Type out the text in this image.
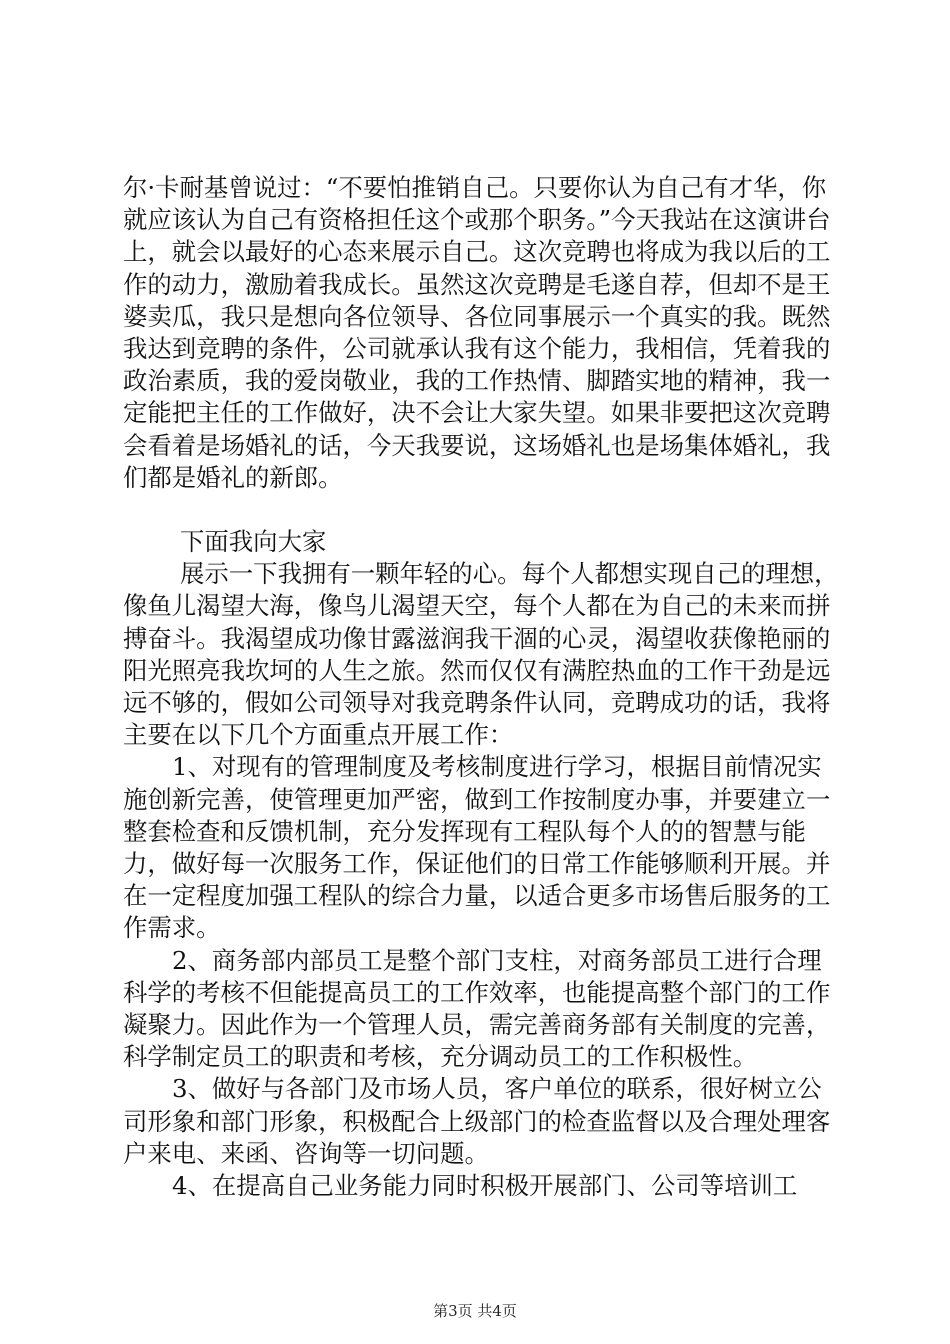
尔·卡耐基曾说过：“不要怕推销自己。只要你认为自己有才华，你就应该认为自己有资格担任这个或那个职务。”今天我站在这演讲台上，就会以最好的心态来展示自己。这次竞聘也将成为我以后的工作的动力，激励着我成长。虽然这次竞聘是毛遂自荐，但却不是王婆卖瓜，我只是想向各位领导、各位同事展示一个真实的我。既然我达到竞聘的条件，公司就承认我有这个能力，我相信，凭着我的政治素质，我的爱岗敬业，我的工作热情、脚踏实地的精神，我一定能把主任的工作做好，决不会让大家失望。如果非要把这次竞聘会看着是场婚礼的话，今天我要说，这场婚礼也是场集体婚礼，我们都是婚礼的新郎。

下面我向大家

展示一下我拥有一颗年轻的心。每个人都想实现自己的理想，像鱼儿渴望大海，像鸟儿渴望天空，每个人都在为自己的未来而拼搏奋斗。我渴望成功像甘露滋润我干涸的心灵，渴望收获像艳丽的阳光照亮我坎坷的人生之旅。然而仅仅有满腔热血的工作干劲是远远不够的，假如公司领导对我竞聘条件认同，竞聘成功的话，我将主要在以下几个方面重点开展工作：

1、对现有的管理制度及考核制度进行学习，根据目前情况实施创新完善，使管理更加严密，做到工作按制度办事，并要建立一整套检查和反馈机制，充分发挥现有工程队每个人的的智慧与能力，做好每一次服务工作，保证他们的日常工作能够顺利开展。并在一定程度加强工程队的综合力量，以适合更多市场售后服务的工作需求。

2、商务部内部员工是整个部门支柱，对商务部员工进行合理科学的考核不但能提高员工的工作效率，也能提高整个部门的工作凝聚力。因此作为一个管理人员，需完善商务部有关制度的完善，科学制定员工的职责和考核，充分调动员工的工作积极性。

3、做好与各部门及市场人员，客户单位的联系，很好树立公司形象和部门形象，积极配合上级部门的检查监督以及合理处理客户来电、来函、咨询等一切问题。

4、在提高自己业务能力同时积极开展部门、公司等培训工

第3页 共4页
